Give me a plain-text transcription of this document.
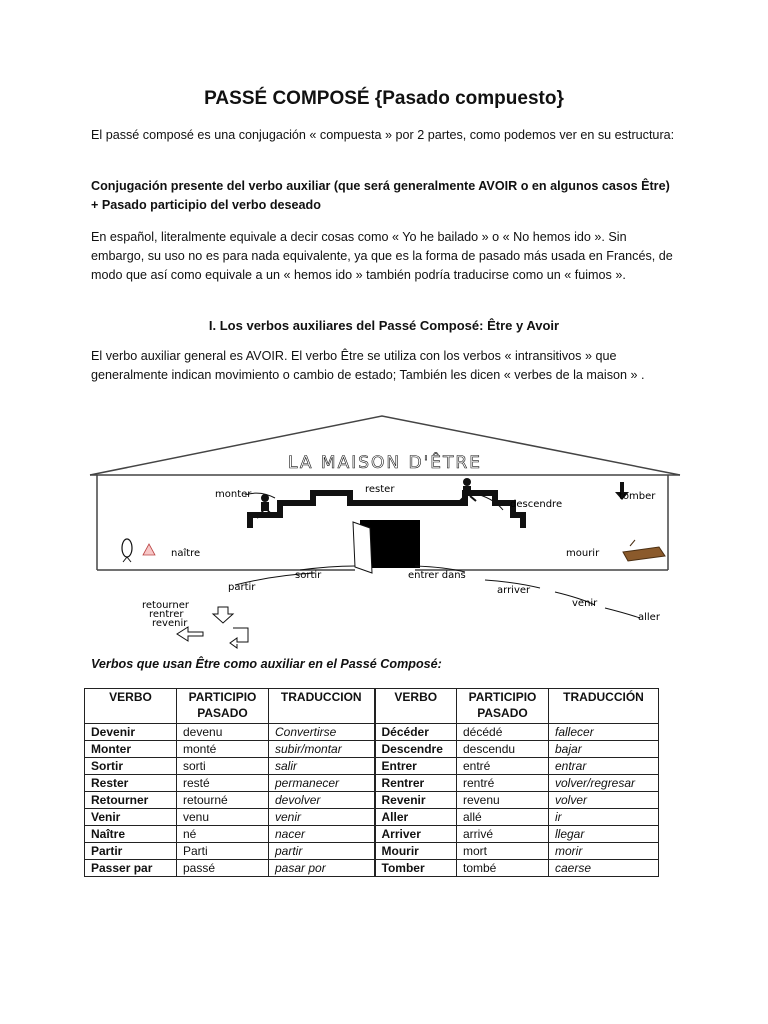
PASSÉ COMPOSÉ {Pasado compuesto}

El passé composé es una conjugación « compuesta » por 2 partes, como podemos ver en su estructura:

Conjugación presente del verbo auxiliar (que será generalmente AVOIR o en algunos casos Être)

+ Pasado participio del verbo deseado

En español, literalmente equivale a decir cosas como « Yo he bailado » o « No hemos ido ». Sin embargo, su uso no es para nada equivalente, ya que es la forma de pasado más usada en Francés, de modo que así como equivale a un « hemos ido » también podría traducirse como un « fuimos ».

I. Los verbos auxiliares del Passé Composé: Être y Avoir

El verbo auxiliar general es AVOIR. El verbo Être se utiliza con los verbos « intransitivos » que generalmente indican movimiento o cambio de estado; También les dicen « verbes de la maison » .

LA MAISON D'ÊTRE
monter	rester
descendre
tomber
naître	mourir
partir
sortir	entrer dans
arriver
venir
aller
retourner
rentrer
revenir

Verbos que usan Être como auxiliar en el Passé Composé:

VERBO	PARTICIPIO PASADO	TRADUCCION	VERBO	PARTICIPIO PASADO	TRADUCCIÓN
Devenir	devenu	Convertirse	Décéder	décédé	fallecer
Monter	monté	subir/montar	Descendre	descendu	bajar
Sortir	sorti	salir	Entrer	entré	entrar
Rester	resté	permanecer	Rentrer	rentré	volver/regresar
Retourner	retourné	devolver	Revenir	revenu	volver
Venir	venu	venir	Aller	allé	ir
Naître	né	nacer	Arriver	arrivé	llegar
Partir	Parti	partir	Mourir	mort	morir
Passer par	passé	pasar por	Tomber	tombé	caerse
